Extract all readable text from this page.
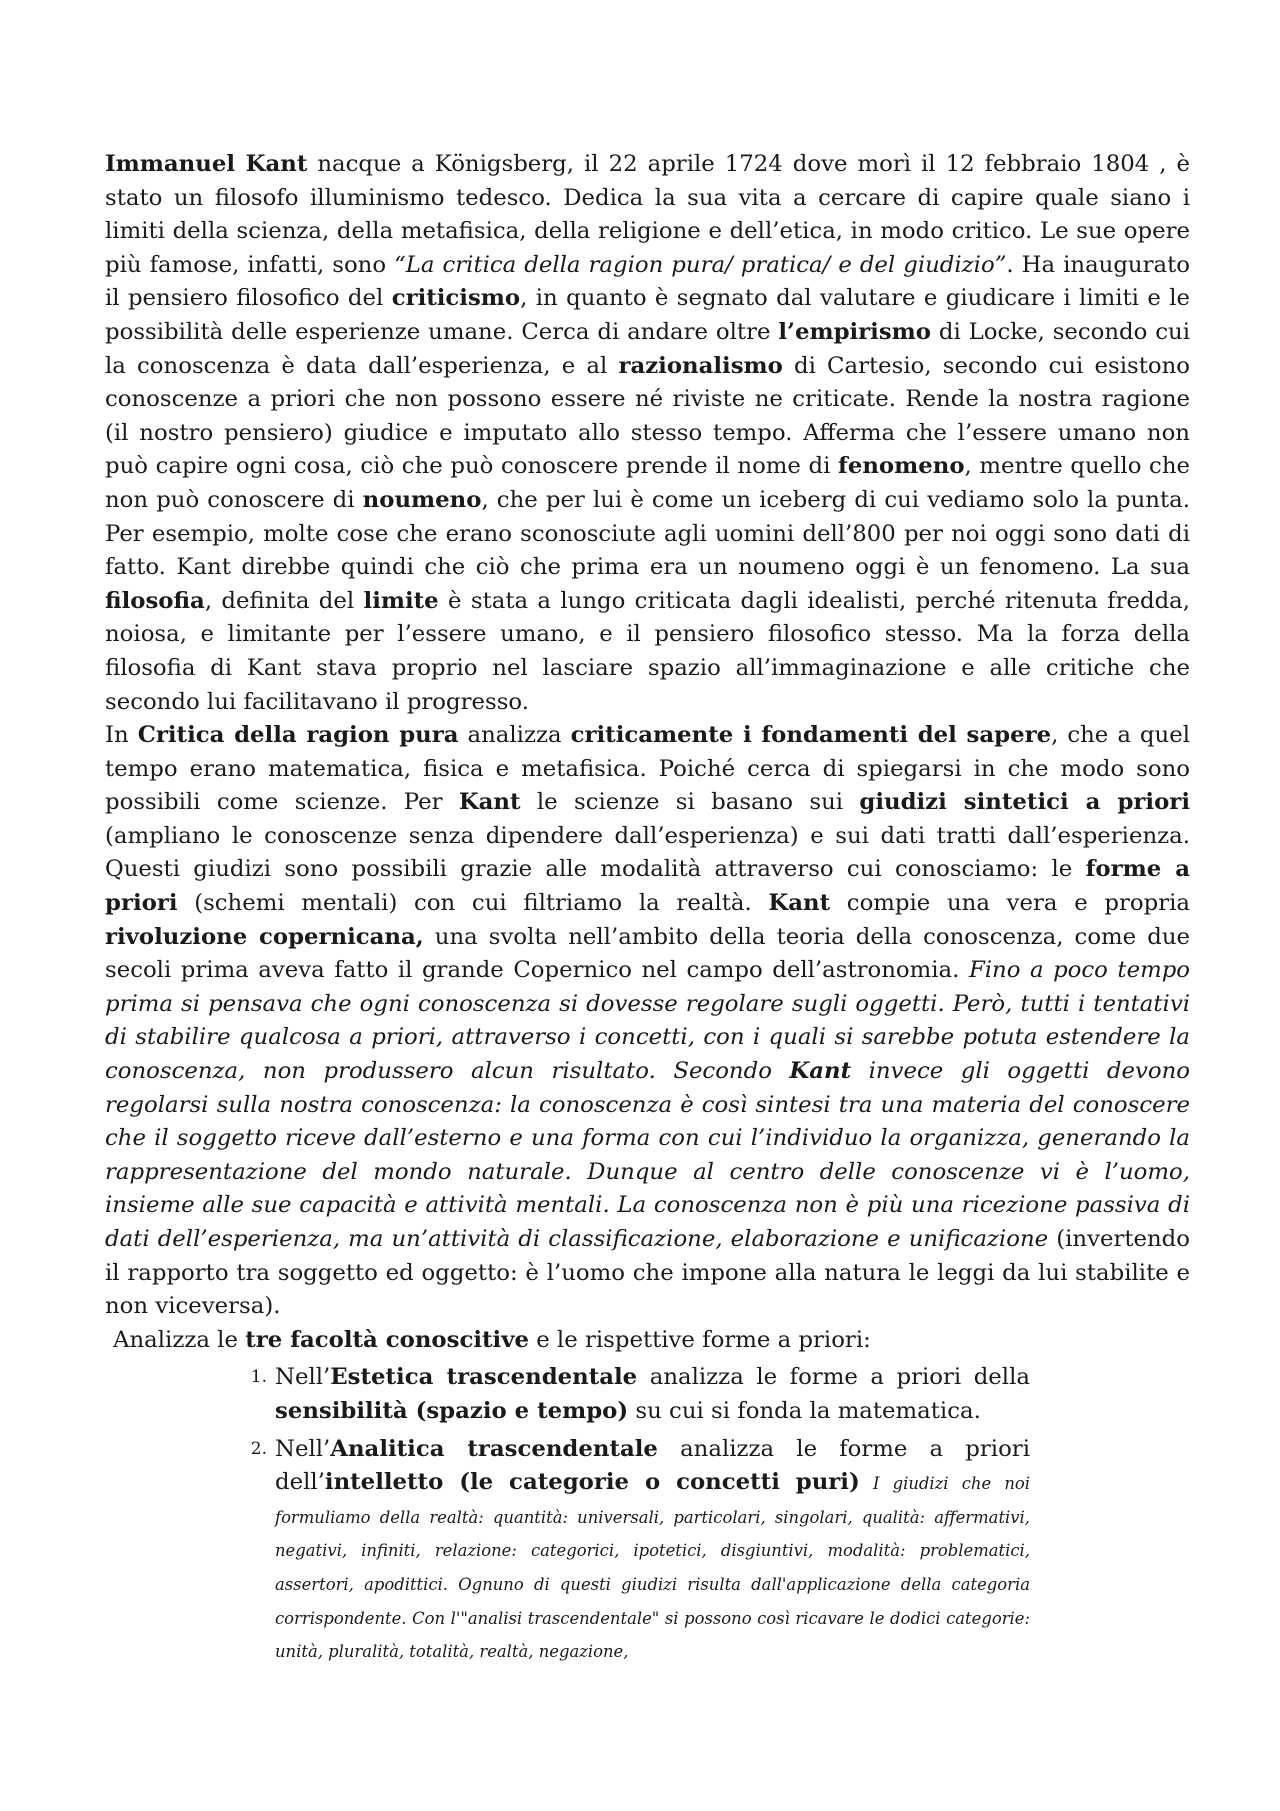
Immanuel Kant nacque a Königsberg, il 22 aprile 1724 dove morì il 12 febbraio 1804 , è stato un filosofo illuminismo tedesco. Dedica la sua vita a cercare di capire quale siano i limiti della scienza, della metafisica, della religione e dell’etica, in modo critico. Le sue opere più famose, infatti, sono “La critica della ragion pura/ pratica/ e del giudizio”. Ha inaugurato il pensiero filosofico del criticismo, in quanto è segnato dal valutare e giudicare i limiti e le possibilità delle esperienze umane. Cerca di andare oltre l’empirismo di Locke, secondo cui la conoscenza è data dall’esperienza, e al razionalismo di Cartesio, secondo cui esistono conoscenze a priori che non possono essere né riviste ne criticate. Rende la nostra ragione (il nostro pensiero) giudice e imputato allo stesso tempo. Afferma che l’essere umano non può capire ogni cosa, ciò che può conoscere prende il nome di fenomeno, mentre quello che non può conoscere di noumeno, che per lui è come un iceberg di cui vediamo solo la punta. Per esempio, molte cose che erano sconosciute agli uomini dell’800 per noi oggi sono dati di fatto. Kant direbbe quindi che ciò che prima era un noumeno oggi è un fenomeno. La sua filosofia, definita del limite è stata a lungo criticata dagli idealisti, perché ritenuta fredda, noiosa, e limitante per l’essere umano, e il pensiero filosofico stesso. Ma la forza della filosofia di Kant stava proprio nel lasciare spazio all’immaginazione e alle critiche che secondo lui facilitavano il progresso.

In Critica della ragion pura analizza criticamente i fondamenti del sapere, che a quel tempo erano matematica, fisica e metafisica. Poiché cerca di spiegarsi in che modo sono possibili come scienze. Per Kant le scienze si basano sui giudizi sintetici a priori (ampliano le conoscenze senza dipendere dall’esperienza) e sui dati tratti dall’esperienza. Questi giudizi sono possibili grazie alle modalità attraverso cui conosciamo: le forme a priori (schemi mentali) con cui filtriamo la realtà. Kant compie una vera e propria rivoluzione copernicana, una svolta nell’ambito della teoria della conoscenza, come due secoli prima aveva fatto il grande Copernico nel campo dell’astronomia. Fino a poco tempo prima si pensava che ogni conoscenza si dovesse regolare sugli oggetti. Però, tutti i tentativi di stabilire qualcosa a priori, attraverso i concetti, con i quali si sarebbe potuta estendere la conoscenza, non produssero alcun risultato. Secondo Kant invece gli oggetti devono regolarsi sulla nostra conoscenza: la conoscenza è così sintesi tra una materia del conoscere che il soggetto riceve dall’esterno e una forma con cui l’individuo la organizza, generando la rappresentazione del mondo naturale. Dunque al centro delle conoscenze vi è l’uomo, insieme alle sue capacità e attività mentali. La conoscenza non è più una ricezione passiva di dati dell’esperienza, ma un’attività di classificazione, elaborazione e unificazione (invertendo il rapporto tra soggetto ed oggetto: è l’uomo che impone alla natura le leggi da lui stabilite e non viceversa).

Analizza le tre facoltà conoscitive e le rispettive forme a priori:

1. Nell’Estetica trascendentale analizza le forme a priori della sensibilità (spazio e tempo) su cui si fonda la matematica.
2. Nell’Analitica trascendentale analizza le forme a priori dell’intelletto (le categorie o concetti puri) I giudizi che noi formuliamo della realtà: quantità: universali, particolari, singolari, qualità: affermativi, negativi, infiniti, relazione: categorici, ipotetici, disgiuntivi, modalità: problematici, assertori, apodittici. Ognuno di questi giudizi risulta dall'applicazione della categoria corrispondente. Con l'"analisi trascendentale" si possono così ricavare le dodici categorie: unità, pluralità, totalità, realtà, negazione,
